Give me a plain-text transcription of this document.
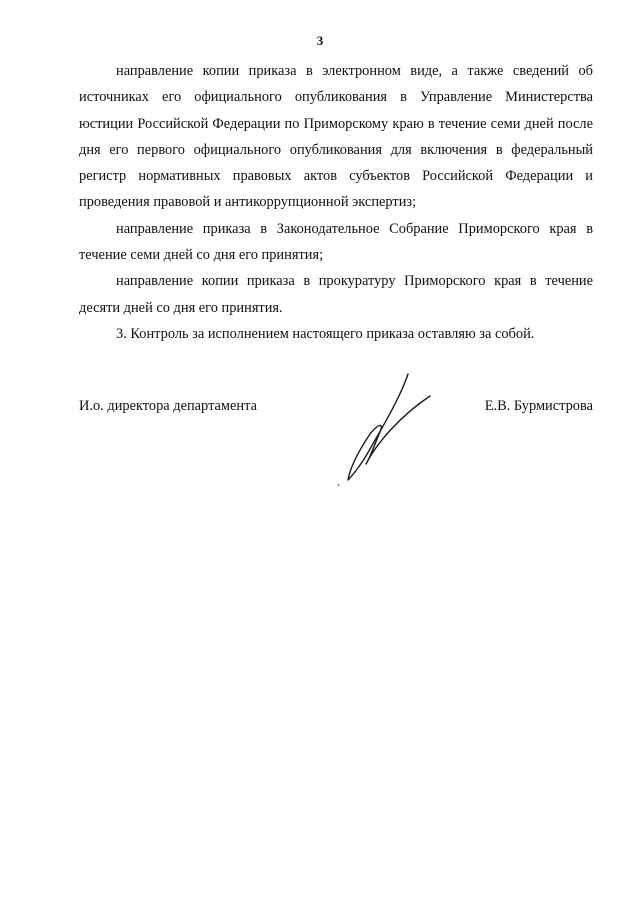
3

направление копии приказа в электронном виде, а также сведений об источниках его официального опубликования в Управление Министерства юстиции Российской Федерации по Приморскому краю в течение семи дней после дня его первого официального опубликования для включения в федеральный регистр нормативных правовых актов субъектов Российской Федерации и проведения правовой и антикоррупционной экспертиз;

направление приказа в Законодательное Собрание Приморского края в течение семи дней со дня его принятия;

направление копии приказа в прокуратуру Приморского края в течение десяти дней со дня его принятия.

3. Контроль за исполнением настоящего приказа оставляю за собой.

И.о. директора департамента	Е.В. Бурмистрова
